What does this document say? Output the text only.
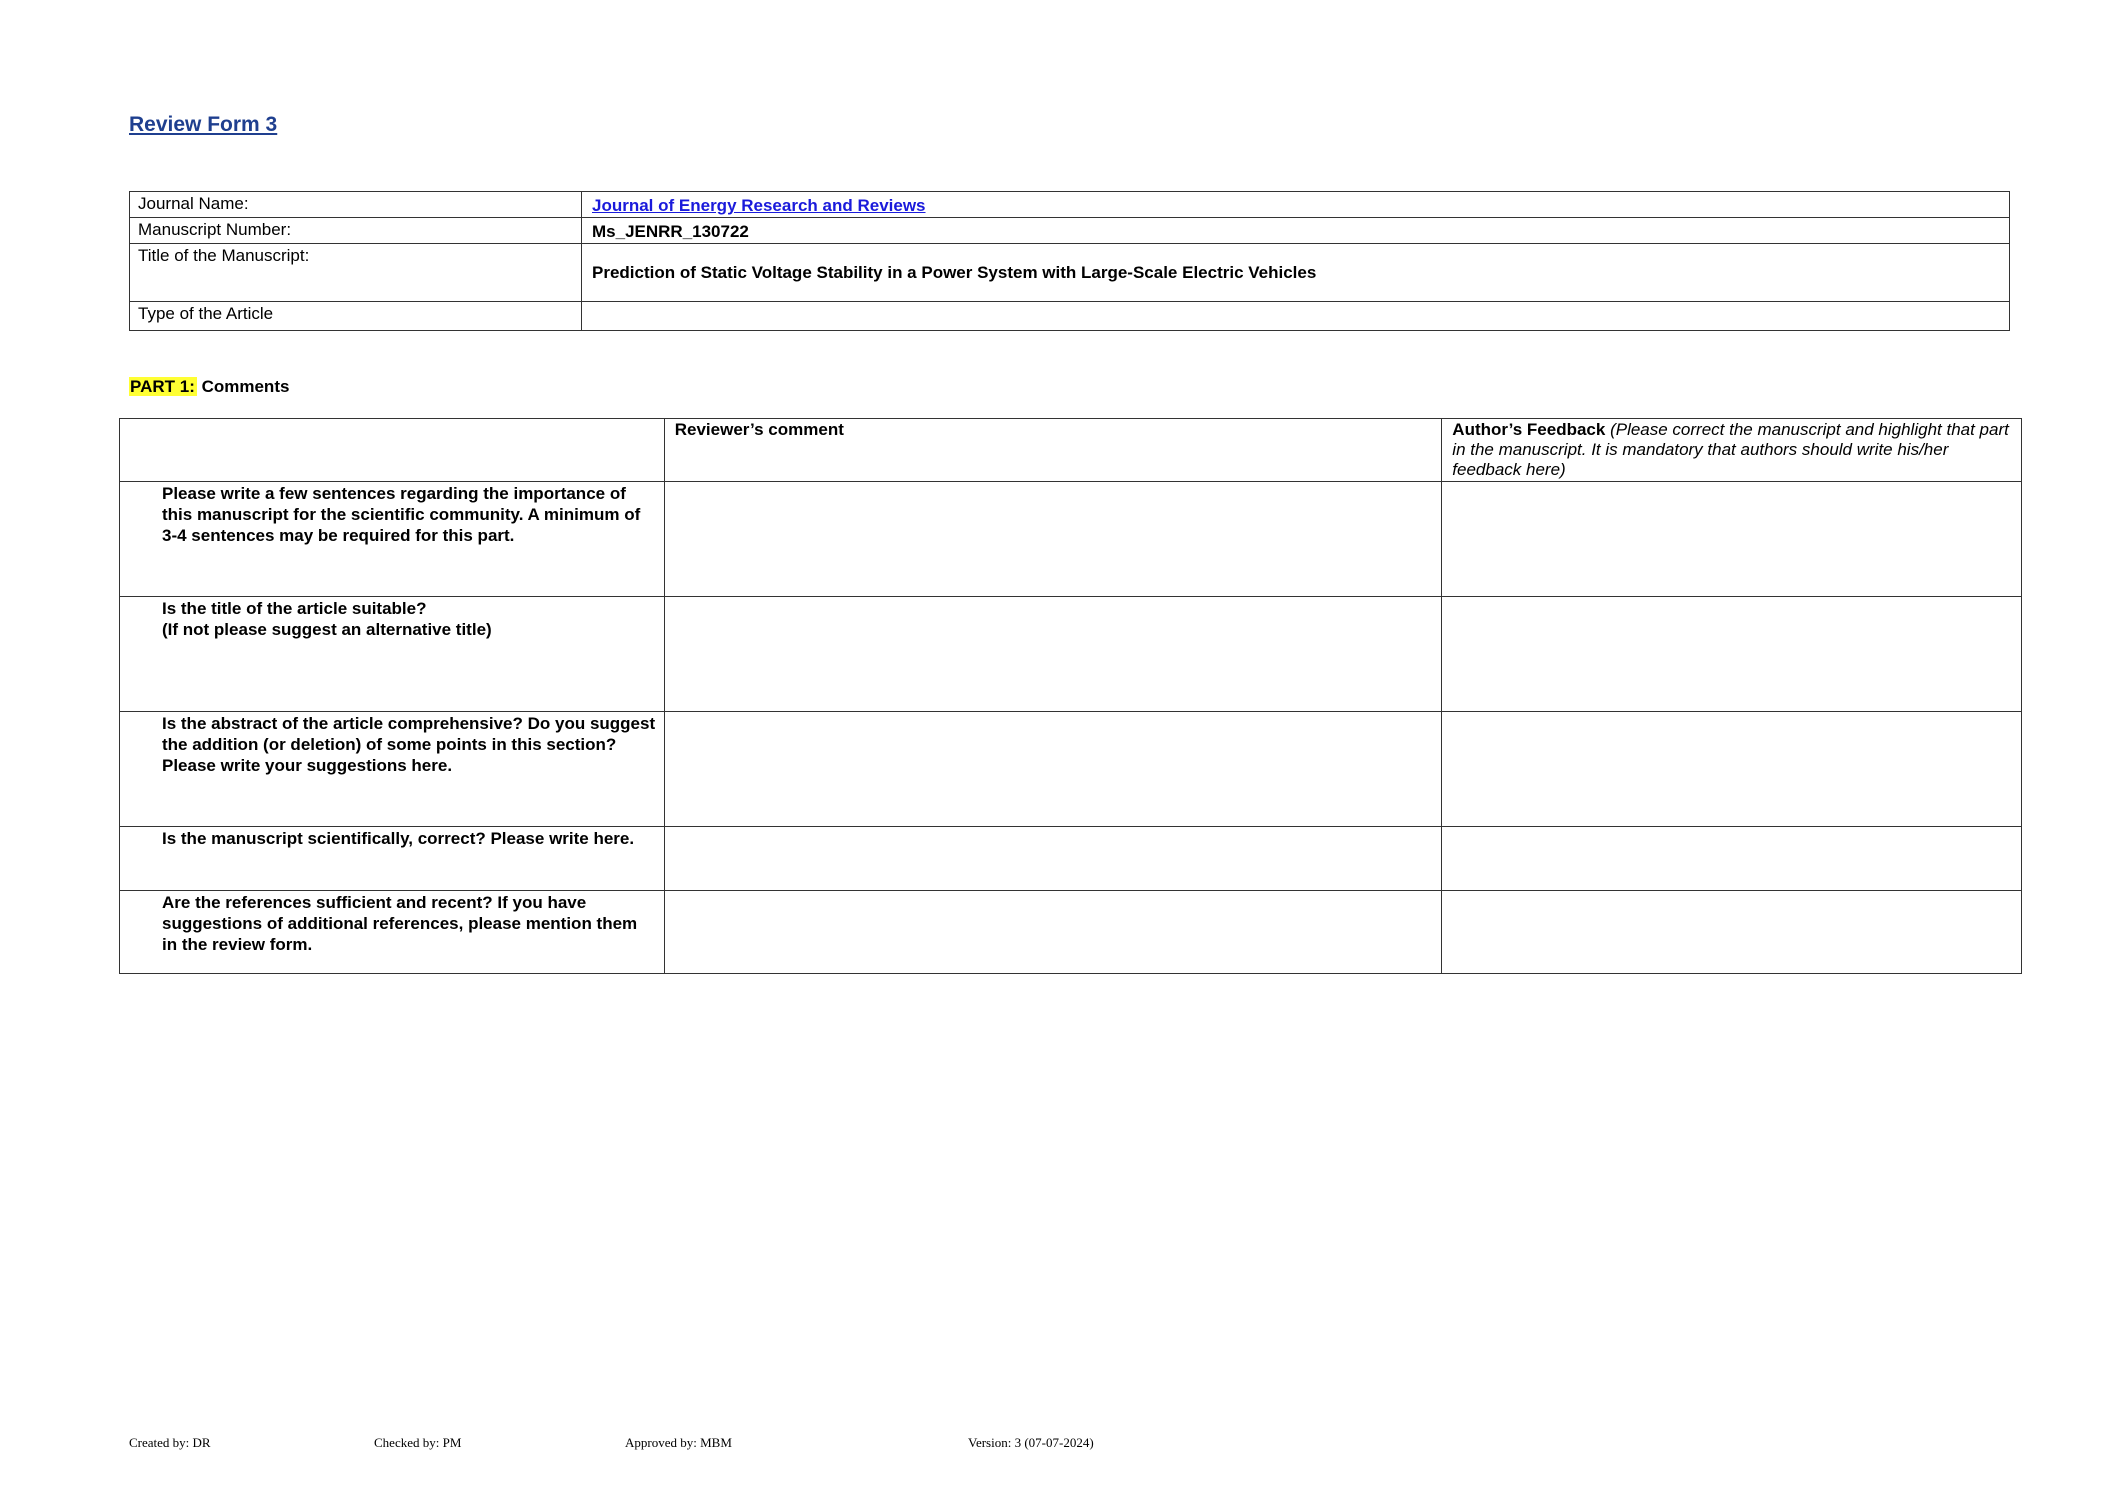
Review Form 3
Journal Name:	Journal of Energy Research and Reviews
Manuscript Number:	Ms_JENRR_130722
Title of the Manuscript:	Prediction of Static Voltage Stability in a Power System with Large-Scale Electric Vehicles
Type of the Article	
PART 1: Comments
	Reviewer’s comment	Author’s Feedback (Please correct the manuscript and highlight that part in the manuscript. It is mandatory that authors should write his/her feedback here)
Please write a few sentences regarding the importance of this manuscript for the scientific community. A minimum of 3-4 sentences may be required for this part.		
Is the title of the article suitable?
(If not please suggest an alternative title)		
Is the abstract of the article comprehensive? Do you suggest the addition (or deletion) of some points in this section? Please write your suggestions here.		
Is the manuscript scientifically, correct? Please write here.		
Are the references sufficient and recent? If you have suggestions of additional references, please mention them in the review form.		
Created by: DR	Checked by: PM	Approved by: MBM	Version: 3 (07-07-2024)
